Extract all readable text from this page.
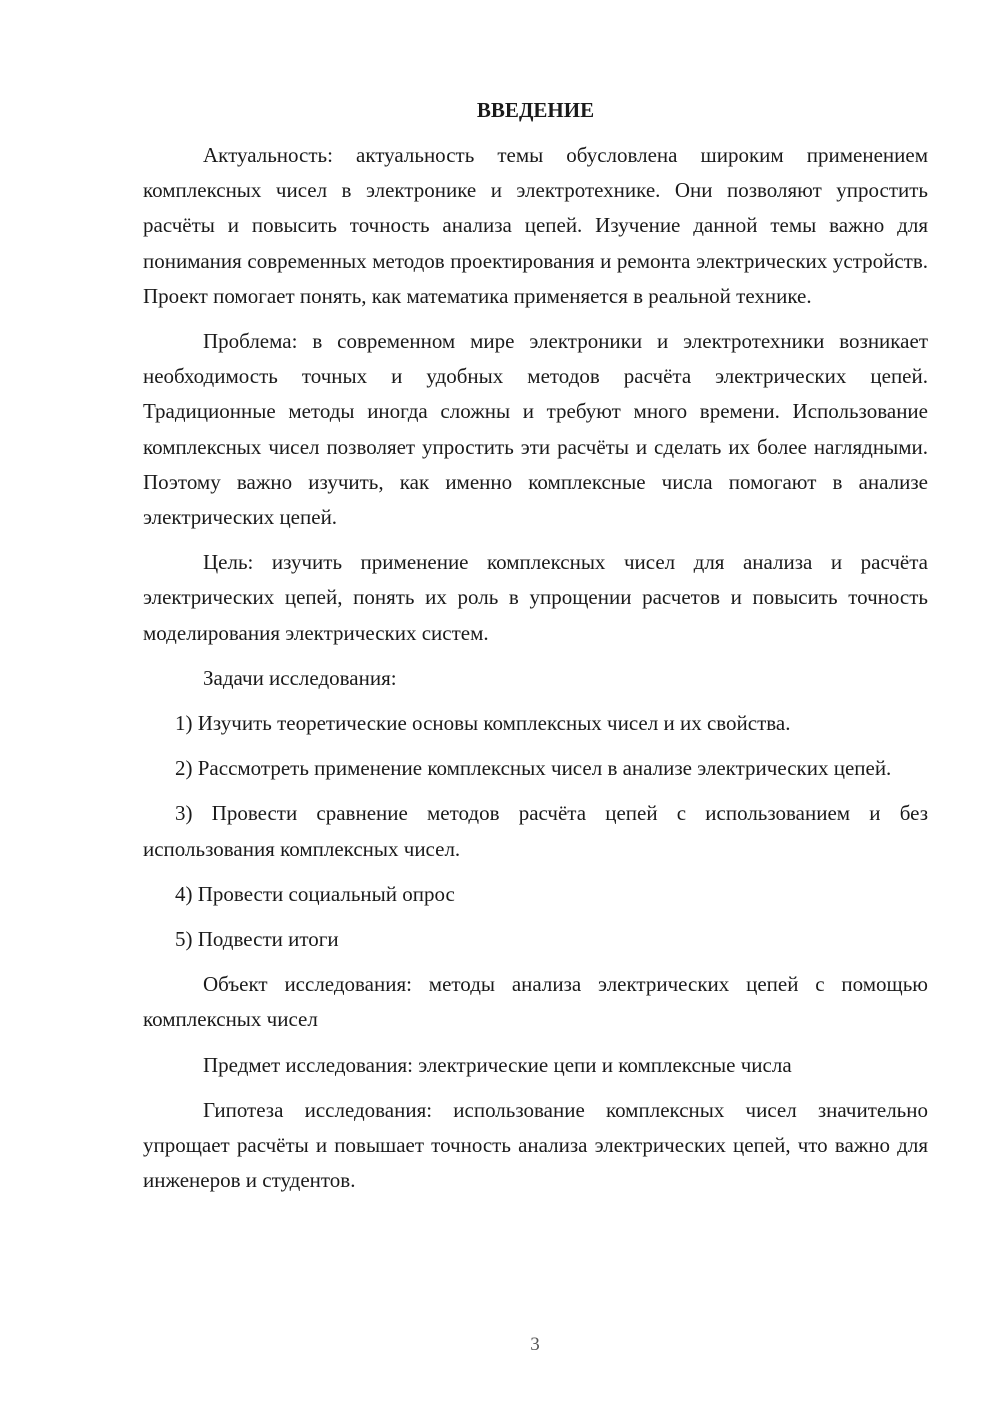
ВВЕДЕНИЕ

Актуальность: актуальность темы обусловлена широким применением комплексных чисел в электронике и электротехнике. Они позволяют упростить расчёты и повысить точность анализа цепей. Изучение данной темы важно для понимания современных методов проектирования и ремонта электрических устройств. Проект помогает понять, как математика применяется в реальной технике.

Проблема: в современном мире электроники и электротехники возникает необходимость точных и удобных методов расчёта электрических цепей. Традиционные методы иногда сложны и требуют много времени. Использование комплексных чисел позволяет упростить эти расчёты и сделать их более наглядными. Поэтому важно изучить, как именно комплексные числа помогают в анализе электрических цепей.

Цель: изучить применение комплексных чисел для анализа и расчёта электрических цепей, понять их роль в упрощении расчетов и повысить точность моделирования электрических систем.

Задачи исследования:

1) Изучить теоретические основы комплексных чисел и их свойства.

2) Рассмотреть применение комплексных чисел в анализе электрических цепей.

3) Провести сравнение методов расчёта цепей с использованием и без использования комплексных чисел.

4) Провести социальный опрос

5) Подвести итоги

Объект исследования: методы анализа электрических цепей с помощью комплексных чисел

Предмет исследования: электрические цепи и комплексные числа

Гипотеза исследования: использование комплексных чисел значительно упрощает расчёты и повышает точность анализа электрических цепей, что важно для инженеров и студентов.

3
